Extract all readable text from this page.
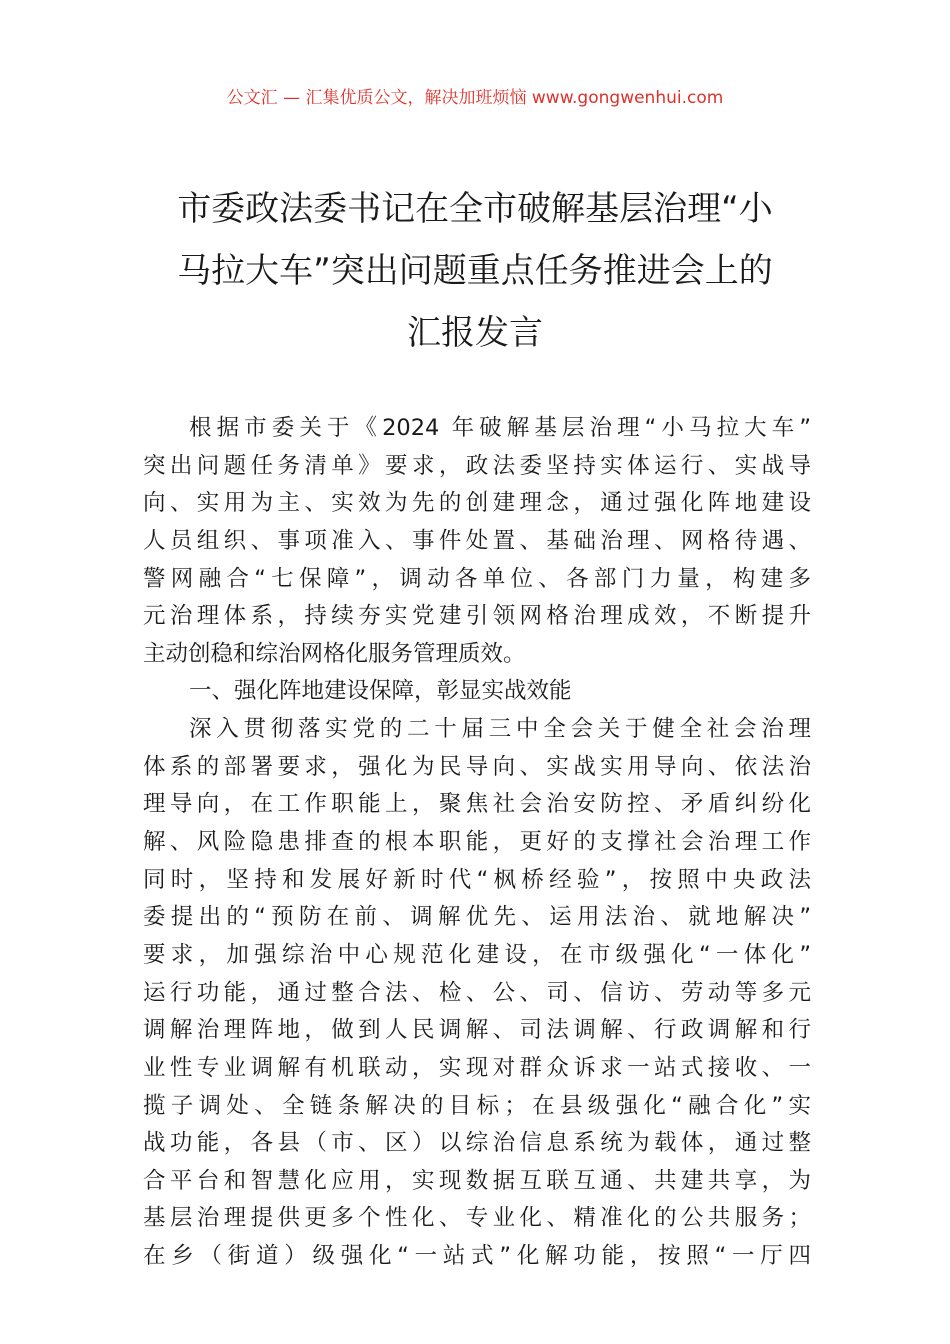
公文汇 — 汇集优质公文，解决加班烦恼 www.gongwenhui.com
市委政法委书记在全市破解基层治理“小
马拉大车”突出问题重点任务推进会上的
汇报发言
根据市委关于《2024 年破解基层治理“小马拉大车”
突出问题任务清单》要求，政法委坚持实体运行、实战导
向、实用为主、实效为先的创建理念，通过强化阵地建设
人员组织、事项准入、事件处置、基础治理、网格待遇、
警网融合“七保障”，调动各单位、各部门力量，构建多
元治理体系，持续夯实党建引领网格治理成效，不断提升
主动创稳和综治网格化服务管理质效。
一、强化阵地建设保障，彰显实战效能
深入贯彻落实党的二十届三中全会关于健全社会治理
体系的部署要求，强化为民导向、实战实用导向、依法治
理导向，在工作职能上，聚焦社会治安防控、矛盾纠纷化
解、风险隐患排查的根本职能，更好的支撑社会治理工作
同时，坚持和发展好新时代“枫桥经验”，按照中央政法
委提出的“预防在前、调解优先、运用法治、就地解决”
要求，加强综治中心规范化建设，在市级强化“一体化”
运行功能，通过整合法、检、公、司、信访、劳动等多元
调解治理阵地，做到人民调解、司法调解、行政调解和行
业性专业调解有机联动，实现对群众诉求一站式接收、一
揽子调处、全链条解决的目标；在县级强化“融合化”实
战功能，各县（市、区）以综治信息系统为载体，通过整
合平台和智慧化应用，实现数据互联互通、共建共享，为
基层治理提供更多个性化、专业化、精准化的公共服务；
在乡（街道）级强化“一站式”化解功能，按照“一厅四
